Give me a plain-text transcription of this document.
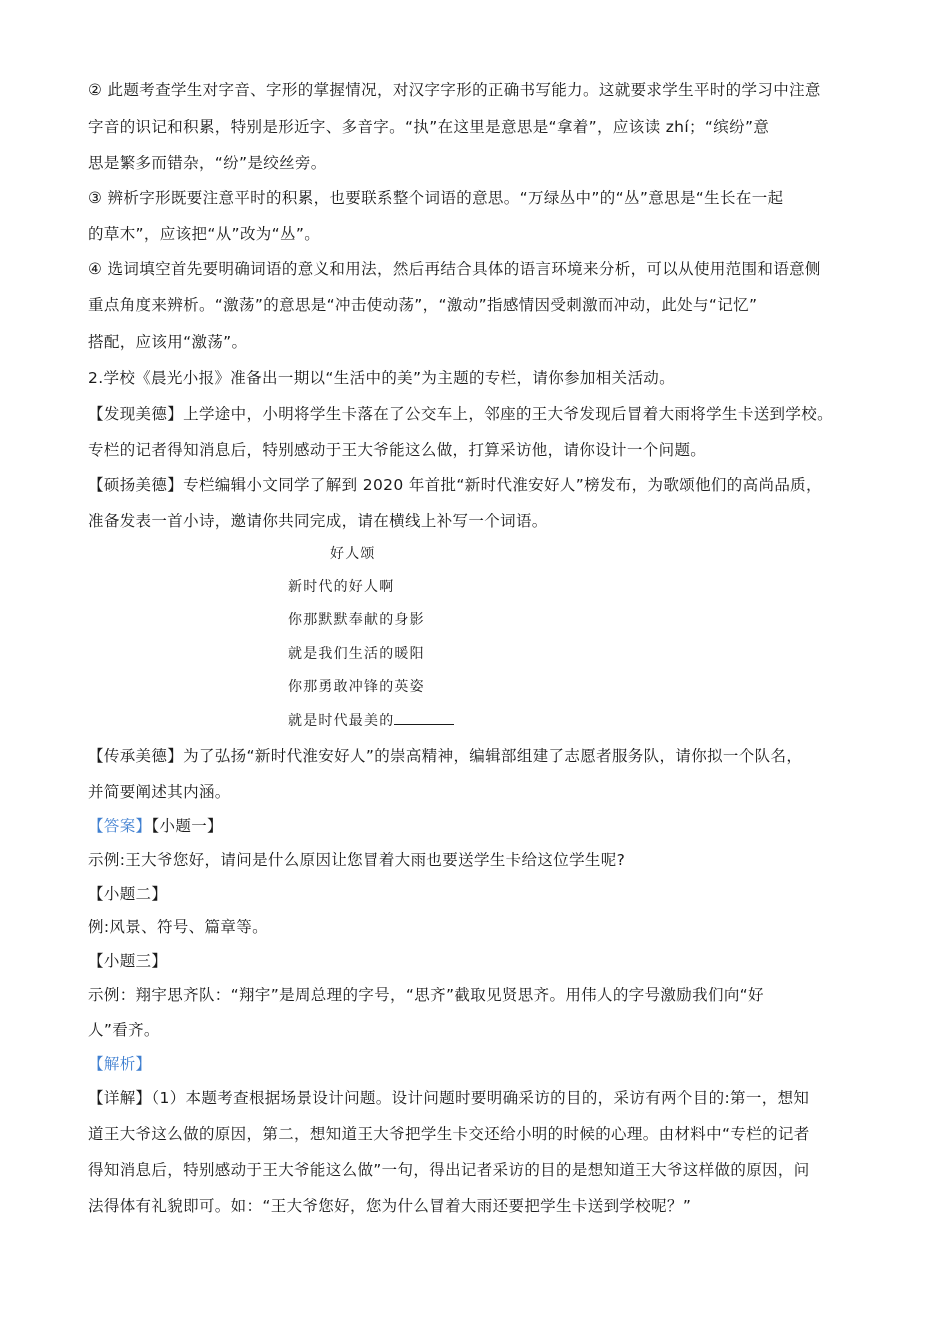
② 此题考查学生对字音、字形的掌握情况，对汉字字形的正确书写能力。这就要求学生平时的学习中注意
字音的识记和积累，特别是形近字、多音字。“执”在这里是意思是“拿着”，应该读 zhí；“缤纷”意
思是繁多而错杂，“纷”是绞丝旁。
③ 辨析字形既要注意平时的积累，也要联系整个词语的意思。“万绿丛中”的“丛”意思是“生长在一起
的草木”，应该把“从”改为“丛”。
④ 选词填空首先要明确词语的意义和用法，然后再结合具体的语言环境来分析，可以从使用范围和语意侧
重点角度来辨析。“激荡”的意思是“冲击使动荡”，“激动”指感情因受刺激而冲动，此处与“记忆”
搭配，应该用“激荡”。
2.学校《晨光小报》准备出一期以“生活中的美”为主题的专栏，请你参加相关活动。
【发现美德】上学途中，小明将学生卡落在了公交车上，邻座的王大爷发现后冒着大雨将学生卡送到学校。
专栏的记者得知消息后，特别感动于王大爷能这么做，打算采访他，请你设计一个问题。
【硕扬美德】专栏编辑小文同学了解到 2020 年首批“新时代淮安好人”榜发布，为歌颂他们的高尚品质，
准备发表一首小诗，邀请你共同完成，请在横线上补写一个词语。
好人颂
新时代的好人啊
你那默默奉献的身影
就是我们生活的暖阳
你那勇敢冲锋的英姿
就是时代最美的
【传承美德】为了弘扬“新时代淮安好人”的崇高精神，编辑部组建了志愿者服务队，请你拟一个队名，
并简要阐述其内涵。
【答案】【小题一】
示例:王大爷您好，请问是什么原因让您冒着大雨也要送学生卡给这位学生呢?
【小题二】
例:风景、符号、篇章等。
【小题三】
示例：翔宇思齐队：“翔宇”是周总理的字号，“思齐”截取见贤思齐。用伟人的字号激励我们向“好
人”看齐。
【解析】
【详解】（1）本题考查根据场景设计问题。设计问题时要明确采访的目的，采访有两个目的:第一，想知
道王大爷这么做的原因，第二，想知道王大爷把学生卡交还给小明的时候的心理。由材料中“专栏的记者
得知消息后，特别感动于王大爷能这么做”一句，得出记者采访的目的是想知道王大爷这样做的原因，问
法得体有礼貌即可。如：“王大爷您好，您为什么冒着大雨还要把学生卡送到学校呢？”
